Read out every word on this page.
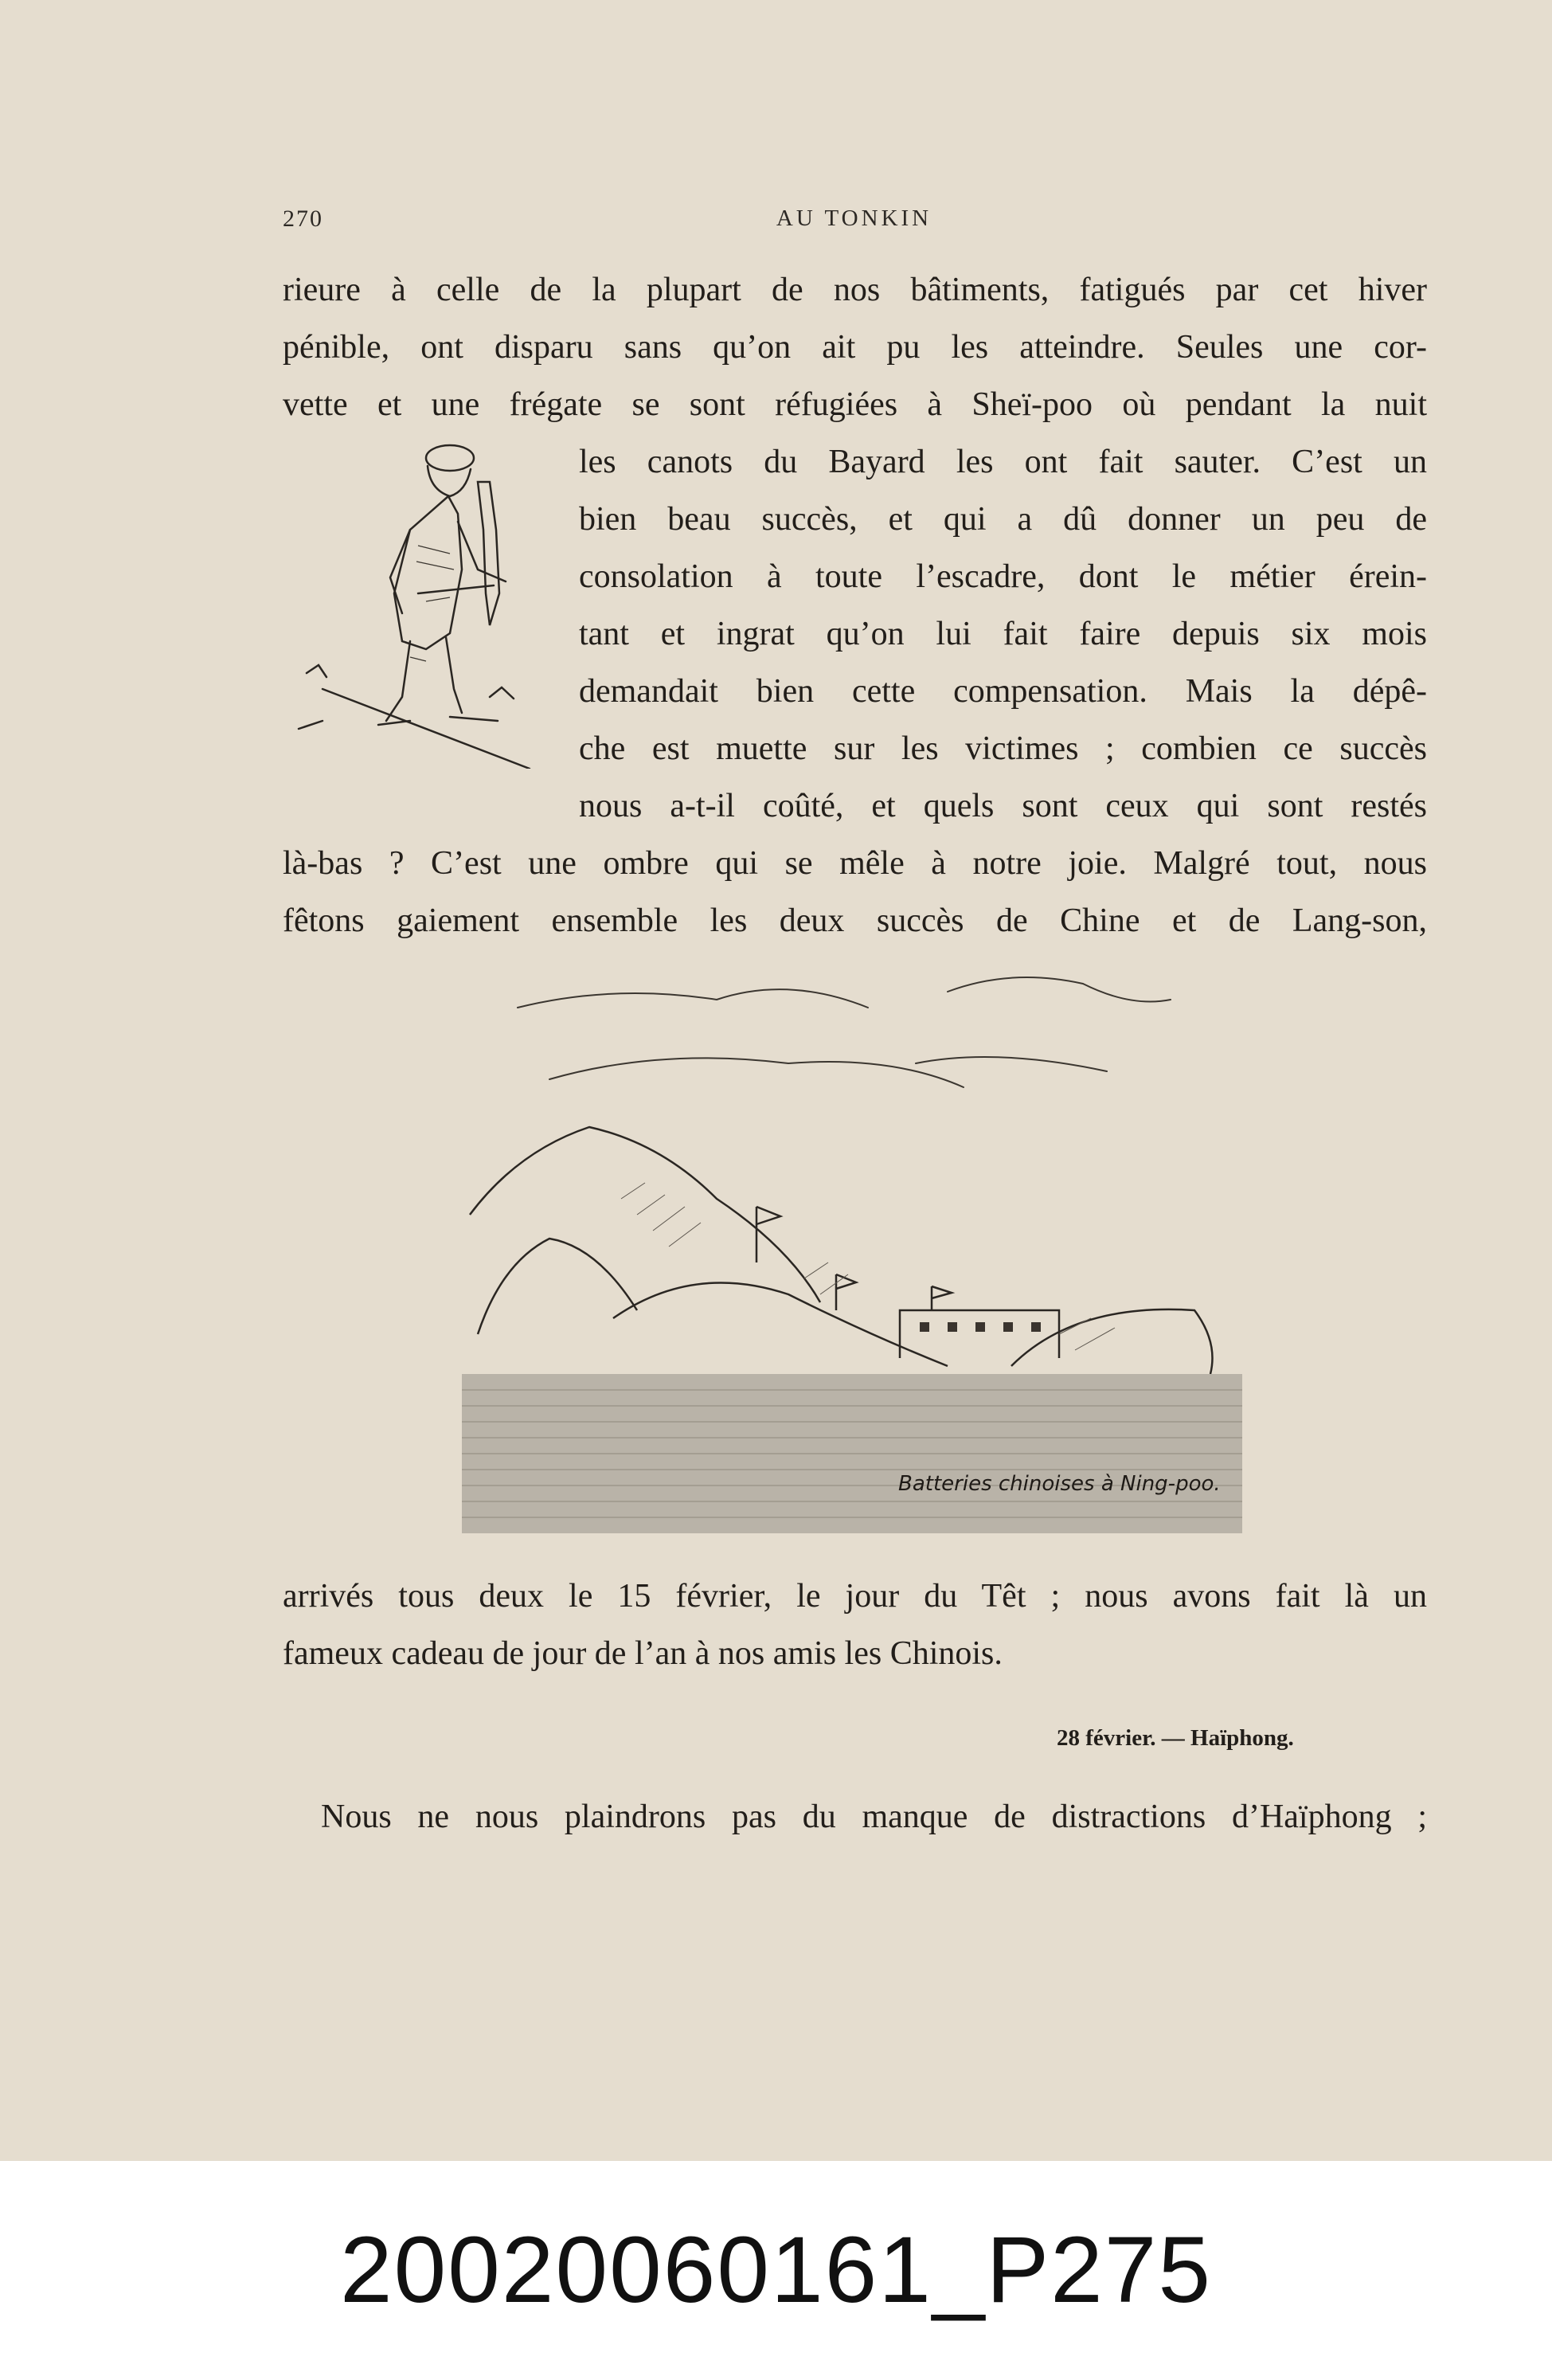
270	AU TONKIN
rieure à celle de la plupart de nos bâtiments, fatigués par cet hiver
pénible, ont disparu sans qu’on ait pu les atteindre. Seules une cor-
vette et une frégate se sont réfugiées à Sheï-poo où pendant la nuit
les canots du Bayard les ont fait sauter. C’est un
bien beau succès, et qui a dû donner un peu de
consolation à toute l’escadre, dont le métier érein-
tant et ingrat qu’on lui fait faire depuis six mois
demandait bien cette compensation. Mais la dépê-
che est muette sur les victimes ; combien ce succès
nous a-t-il coûté, et quels sont ceux qui sont restés
là-bas ? C’est une ombre qui se mêle à notre joie. Malgré tout, nous
fêtons gaiement ensemble les deux succès de Chine et de Lang-son,
Batteries chinoises à Ning-poo.
arrivés tous deux le 15 février, le jour du Têt ; nous avons fait là un
fameux cadeau de jour de l’an à nos amis les Chinois.
28 février. — Haïphong.
Nous ne nous plaindrons pas du manque de distractions d’Haïphong ;
20020060161_P275
